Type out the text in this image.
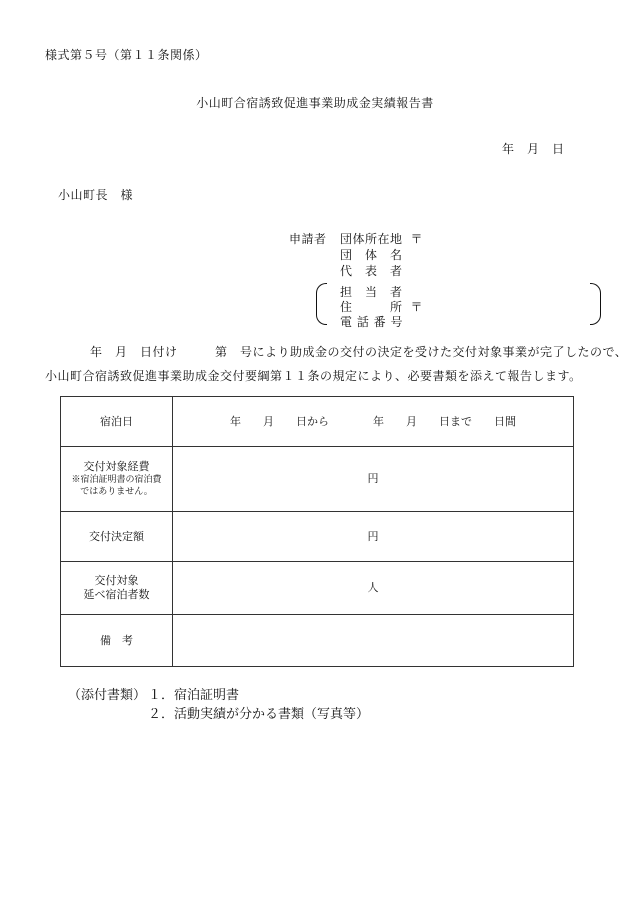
様式第５号（第１１条関係）
小山町合宿誘致促進事業助成金実績報告書
年　月　日
小山町長　様
申請者 団体所在地 〒
団　体　名
代　表　者
担　当　者
住　　　所 〒
電 話 番 号
年　月　日付け　　　第　号により助成金の交付の決定を受けた交付対象事業が完了したので、
小山町合宿誘致促進事業助成金交付要綱第１１条の規定により、必要書類を添えて報告します。
宿泊日	年　　月　　日から　　　　年　　月　　日まで　　日間
交付対象経費
※宿泊証明書の宿泊費
ではありません。	円
交付決定額	円

交付対象
延べ宿泊者数	人
備　考	
（添付書類） １．宿泊証明書
２．活動実績が分かる書類（写真等）
